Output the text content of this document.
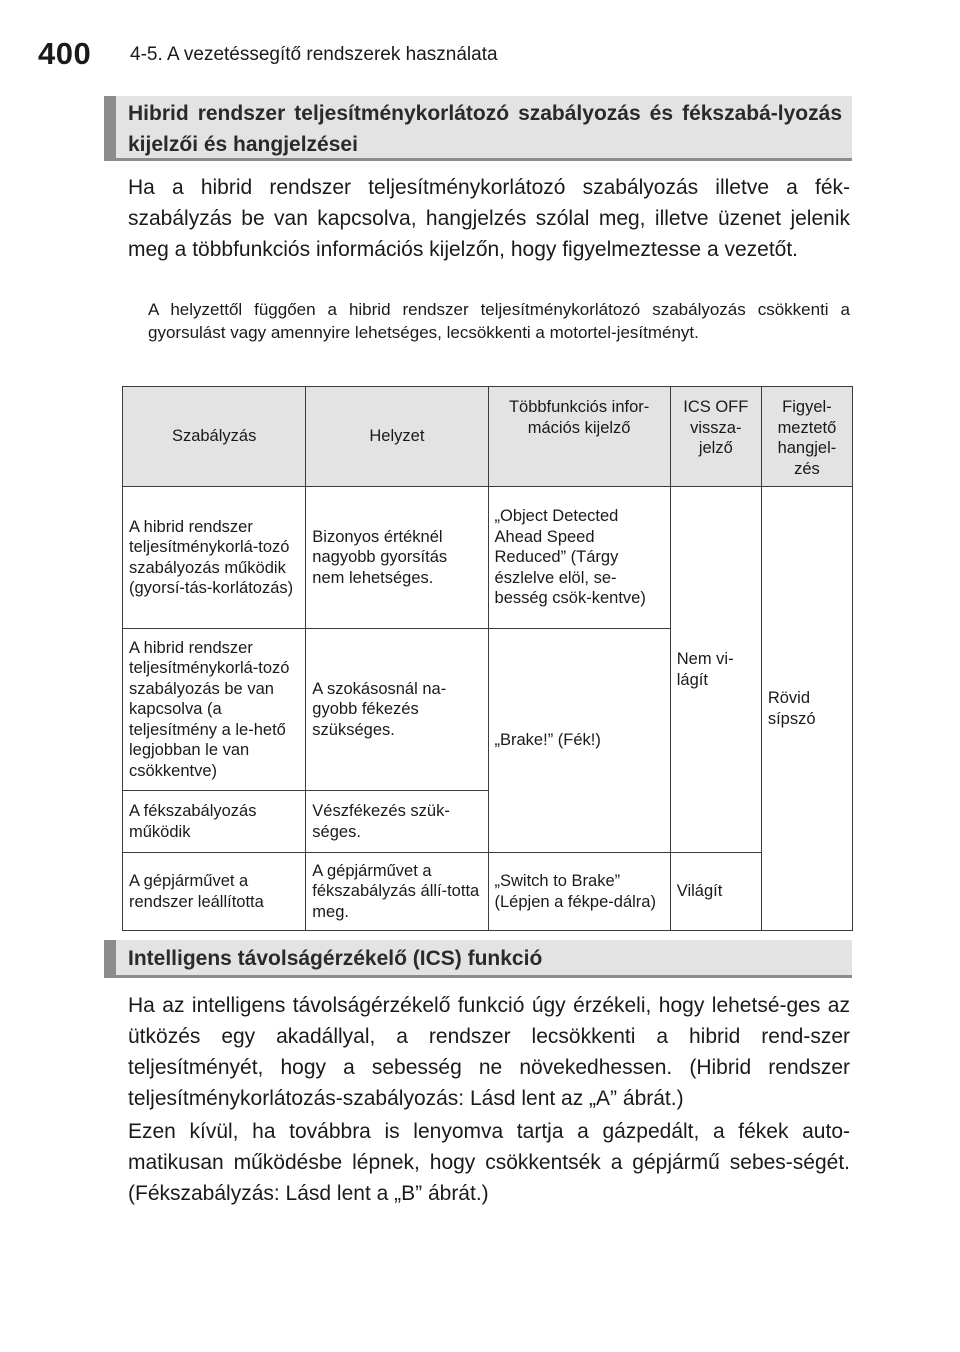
400 4-5. A vezetéssegítő rendszerek használata
Hibrid rendszer teljesítménykorlátozó szabályozás és fékszabá-lyozás kijelzői és hangjelzései

Ha a hibrid rendszer teljesítménykorlátozó szabályozás illetve a fék-szabályzás be van kapcsolva, hangjelzés szólal meg, illetve üzenet jelenik meg a többfunkciós információs kijelzőn, hogy figyelmeztesse a vezetőt.

A helyzettől függően a hibrid rendszer teljesítménykorlátozó szabályozás csökkenti a gyorsulást vagy amennyire lehetséges, lecsökkenti a motortel-jesítményt.

Szabályzás	Helyzet	Többfunkciós infor-mációs kijelző	ICS OFF vissza-jelző	Figyel-meztető hangjel-zés
A hibrid rendszer teljesítménykorlá-tozó szabályozás működik (gyorsí-tás-korlátozás)	Bizonyos értéknél nagyobb gyorsítás nem lehetséges.	„Object Detected Ahead Speed Reduced” (Tárgy észlelve elöl, se-besség csök-kentve)	Nem vi-lágít	Rövid sípszó
A hibrid rendszer teljesítménykorlá-tozó szabályozás be van kapcsolva (a teljesítmény a le-hető legjobban le van csökkentve)	A szokásosnál na-gyobb fékezés szükséges.	„Brake!” (Fék!)		
A fékszabályozás működik	Vészfékezés szük-séges.			
A gépjárművet a rendszer leállította	A gépjárművet a fékszabályzás állí-totta meg.	„Switch to Brake” (Lépjen a fékpe-dálra)	Világít	
Intelligens távolságérzékelő (ICS) funkció

Ha az intelligens távolságérzékelő funkció úgy érzékeli, hogy lehetsé-ges az ütközés egy akadállyal, a rendszer lecsökkenti a hibrid rend-szer teljesítményét, hogy a sebesség ne növekedhessen. (Hibrid rendszer teljesítménykorlátozás-szabályozás: Lásd lent az „A” ábrát.)

Ezen kívül, ha továbbra is lenyomva tartja a gázpedált, a fékek auto-matikusan működésbe lépnek, hogy csökkentsék a gépjármű sebes-ségét. (Fékszabályzás: Lásd lent a „B” ábrát.)
